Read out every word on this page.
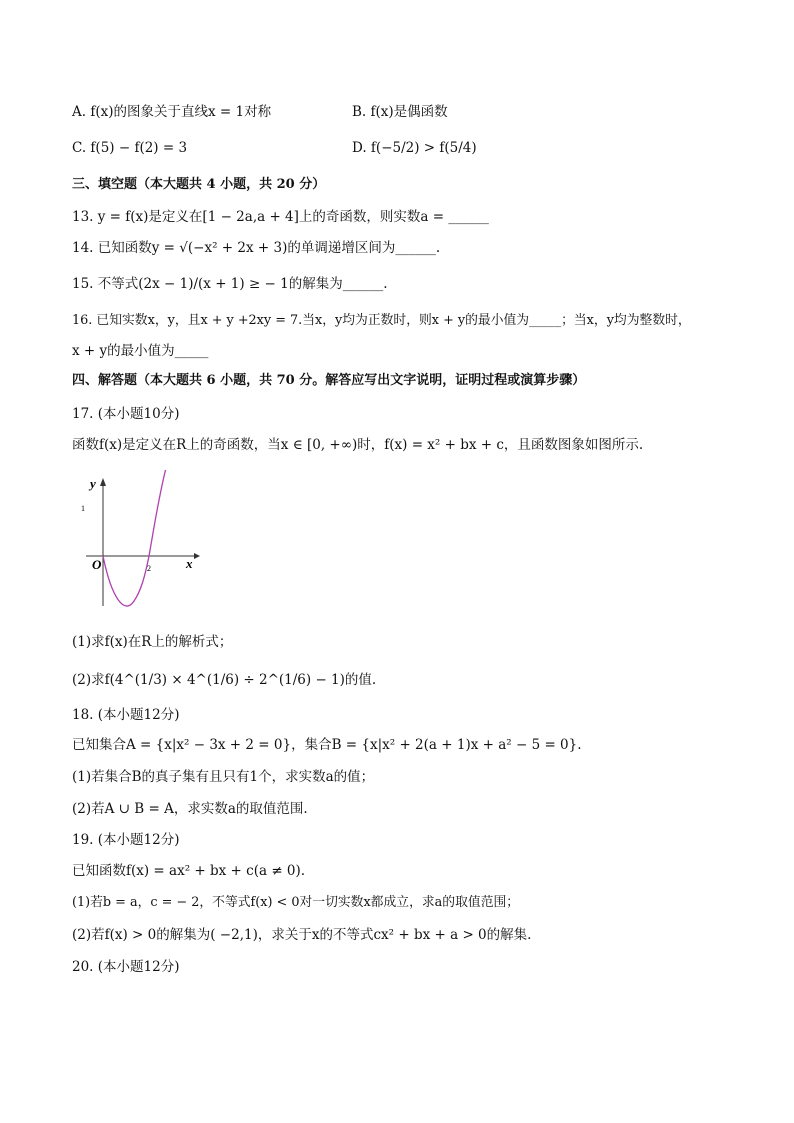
A. f(x)的图象关于直线x = 1对称	B. f(x)是偶函数
C. f(5) − f(2) = 3	D. f(−5/2) > f(5/4)
三、填空题（本大题共 4 小题，共 20 分）
13. y = f(x)是定义在[1 − 2a,a + 4]上的奇函数，则实数a = ______
14. 已知函数y = √(−x² + 2x + 3)的单调递增区间为______.
15. 不等式(2x − 1)/(x + 1) ≥ − 1的解集为______.
16. 已知实数x，y，且x + y +2xy = 7.当x，y均为正数时，则x + y的最小值为_____；当x，y均为整数时，
x + y的最小值为_____
四、解答题（本大题共 6 小题，共 70 分。解答应写出文字说明，证明过程或演算步骤）
17. (本小题10分)
函数f(x)是定义在R上的奇函数，当x ∈ [0, +∞)时，f(x) = x² + bx + c，且函数图象如图所示.
y
x
O
1
2
(1)求f(x)在R上的解析式；
(2)求f(4^(1/3) × 4^(1/6) ÷ 2^(1/6) − 1)的值.
18. (本小题12分)
已知集合A = {x|x² − 3x + 2 = 0}，集合B = {x|x² + 2(a + 1)x + a² − 5 = 0}.
(1)若集合B的真子集有且只有1个，求实数a的值；
(2)若A ∪ B = A，求实数a的取值范围.
19. (本小题12分)
已知函数f(x) = ax² + bx + c(a ≠ 0).
(1)若b = a，c = − 2，不等式f(x) < 0对一切实数x都成立，求a的取值范围；
(2)若f(x) > 0的解集为( −2,1)，求关于x的不等式cx² + bx + a > 0的解集.
20. (本小题12分)
